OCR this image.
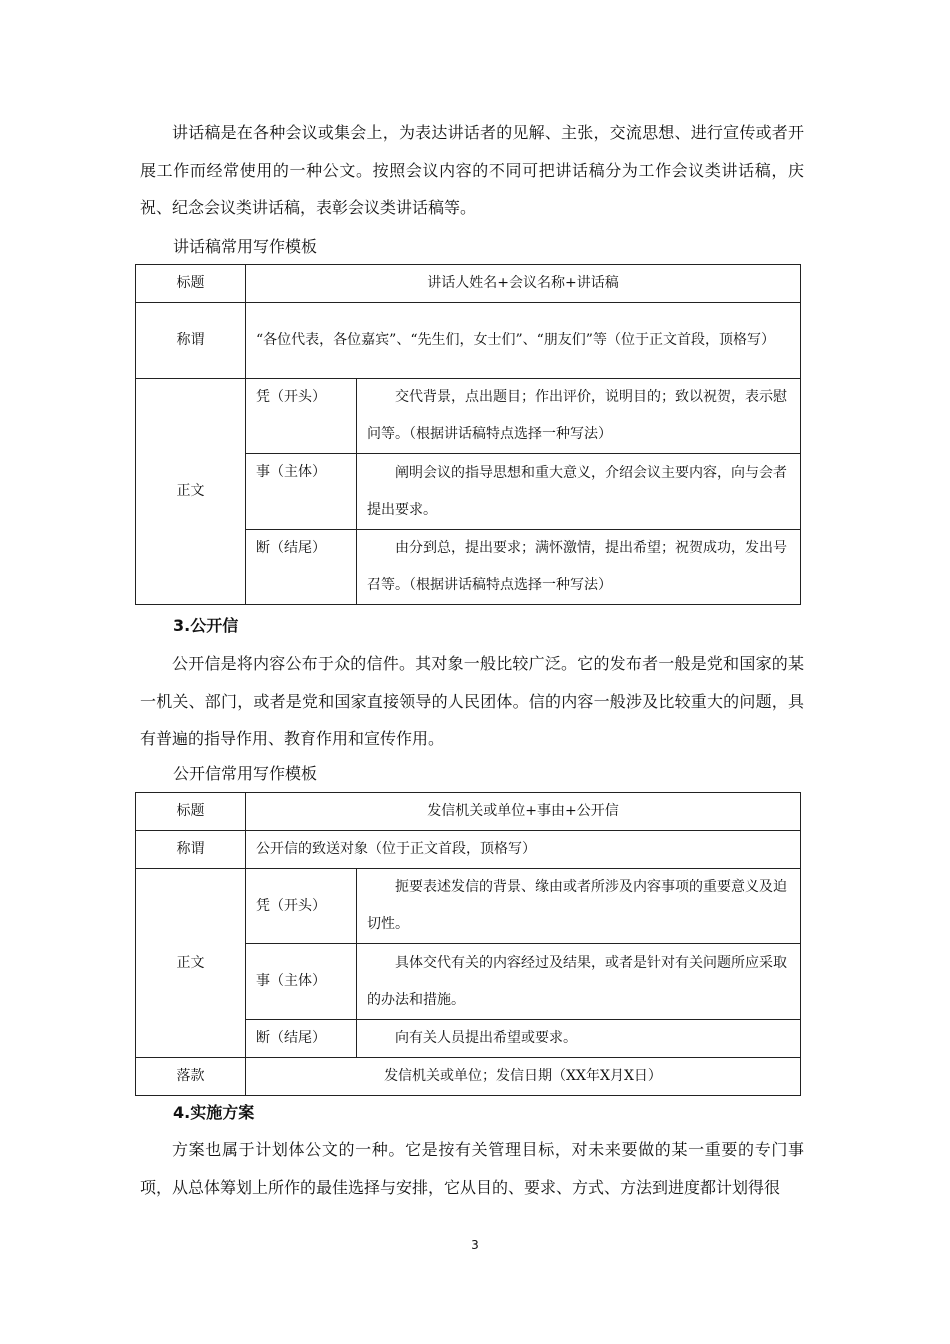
讲话稿是在各种会议或集会上，为表达讲话者的见解、主张，交流思想、进行宣传或者开展工作而经常使用的一种公文。按照会议内容的不同可把讲话稿分为工作会议类讲话稿，庆祝、纪念会议类讲话稿，表彰会议类讲话稿等。

讲话稿常用写作模板

标题	讲话人姓名+会议名称+讲话稿	
称谓	“各位代表，各位嘉宾”、“先生们，女士们”、“朋友们”等（位于正文首段，顶格写）	
正文	凭（开头）	交代背景，点出题目；作出评价，说明目的；致以祝贺，表示慰问等。（根据讲话稿特点选择一种写法）
	事（主体）	阐明会议的指导思想和重大意义，介绍会议主要内容，向与会者提出要求。
	断（结尾）	由分到总，提出要求；满怀激情，提出希望；祝贺成功，发出号召等。（根据讲话稿特点选择一种写法）

3.公开信

公开信是将内容公布于众的信件。其对象一般比较广泛。它的发布者一般是党和国家的某一机关、部门，或者是党和国家直接领导的人民团体。信的内容一般涉及比较重大的问题，具有普遍的指导作用、教育作用和宣传作用。

公开信常用写作模板

标题	发信机关或单位+事由+公开信	
称谓	公开信的致送对象（位于正文首段，顶格写）	
正文	凭（开头）	扼要表述发信的背景、缘由或者所涉及内容事项的重要意义及迫切性。
	事（主体）	具体交代有关的内容经过及结果，或者是针对有关问题所应采取的办法和措施。
	断（结尾）	向有关人员提出希望或要求。
落款	发信机关或单位；发信日期（XX年X月X日）	

4.实施方案

方案也属于计划体公文的一种。它是按有关管理目标，对未来要做的某一重要的专门事项，从总体筹划上所作的最佳选择与安排，它从目的、要求、方式、方法到进度都计划得很

3
